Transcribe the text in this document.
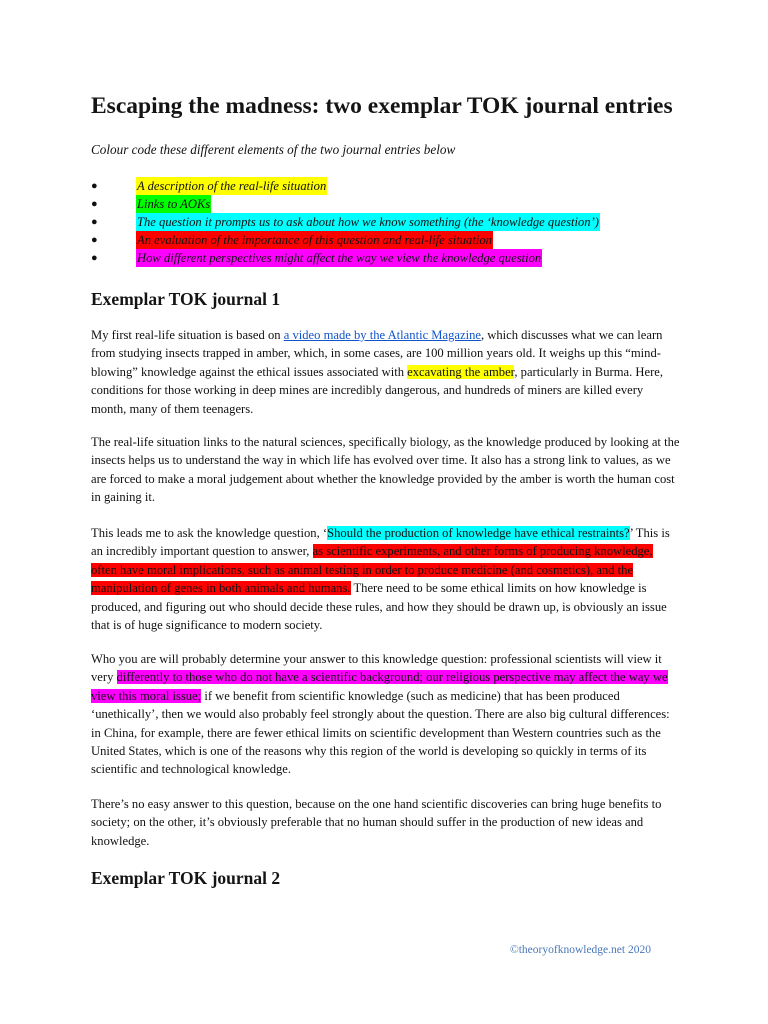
Escaping the madness: two exemplar TOK journal entries

Colour code these different elements of the two journal entries below

●	A description of the real-life situation
●	Links to AOKs
●	The question it prompts us to ask about how we know something (the ‘knowledge question’)
●	An evaluation of the importance of this question and real-life situation
●	How different perspectives might affect the way we view the knowledge question
Exemplar TOK journal 1

My first real-life situation is based on a video made by the Atlantic Magazine, which discusses what we can learn from studying insects trapped in amber, which, in some cases, are 100 million years old. It weighs up this “mind-blowing” knowledge against the ethical issues associated with excavating the amber, particularly in Burma. Here, conditions for those working in deep mines are incredibly dangerous, and hundreds of miners are killed every month, many of them teenagers.

The real-life situation links to the natural sciences, specifically biology, as the knowledge produced by looking at the insects helps us to understand the way in which life has evolved over time. It also has a strong link to values, as we are forced to make a moral judgement about whether the knowledge provided by the amber is worth the human cost in gaining it.

This leads me to ask the knowledge question, ‘Should the production of knowledge have ethical restraints?’ This is an incredibly important question to answer, as scientific experiments, and other forms of producing knowledge, often have moral implications, such as animal testing in order to produce medicine (and cosmetics), and the manipulation of genes in both animals and humans. There need to be some ethical limits on how knowledge is produced, and figuring out who should decide these rules, and how they should be drawn up, is obviously an issue that is of huge significance to modern society.

Who you are will probably determine your answer to this knowledge question: professional scientists will view it very differently to those who do not have a scientific background; our religious perspective may affect the way we view this moral issue; if we benefit from scientific knowledge (such as medicine) that has been produced ‘unethically’, then we would also probably feel strongly about the question. There are also big cultural differences: in China, for example, there are fewer ethical limits on scientific development than Western countries such as the United States, which is one of the reasons why this region of the world is developing so quickly in terms of its scientific and technological knowledge.

There’s no easy answer to this question, because on the one hand scientific discoveries can bring huge benefits to society; on the other, it’s obviously preferable that no human should suffer in the production of new ideas and knowledge.

Exemplar TOK journal 2
©theoryofknowledge.net 2020
